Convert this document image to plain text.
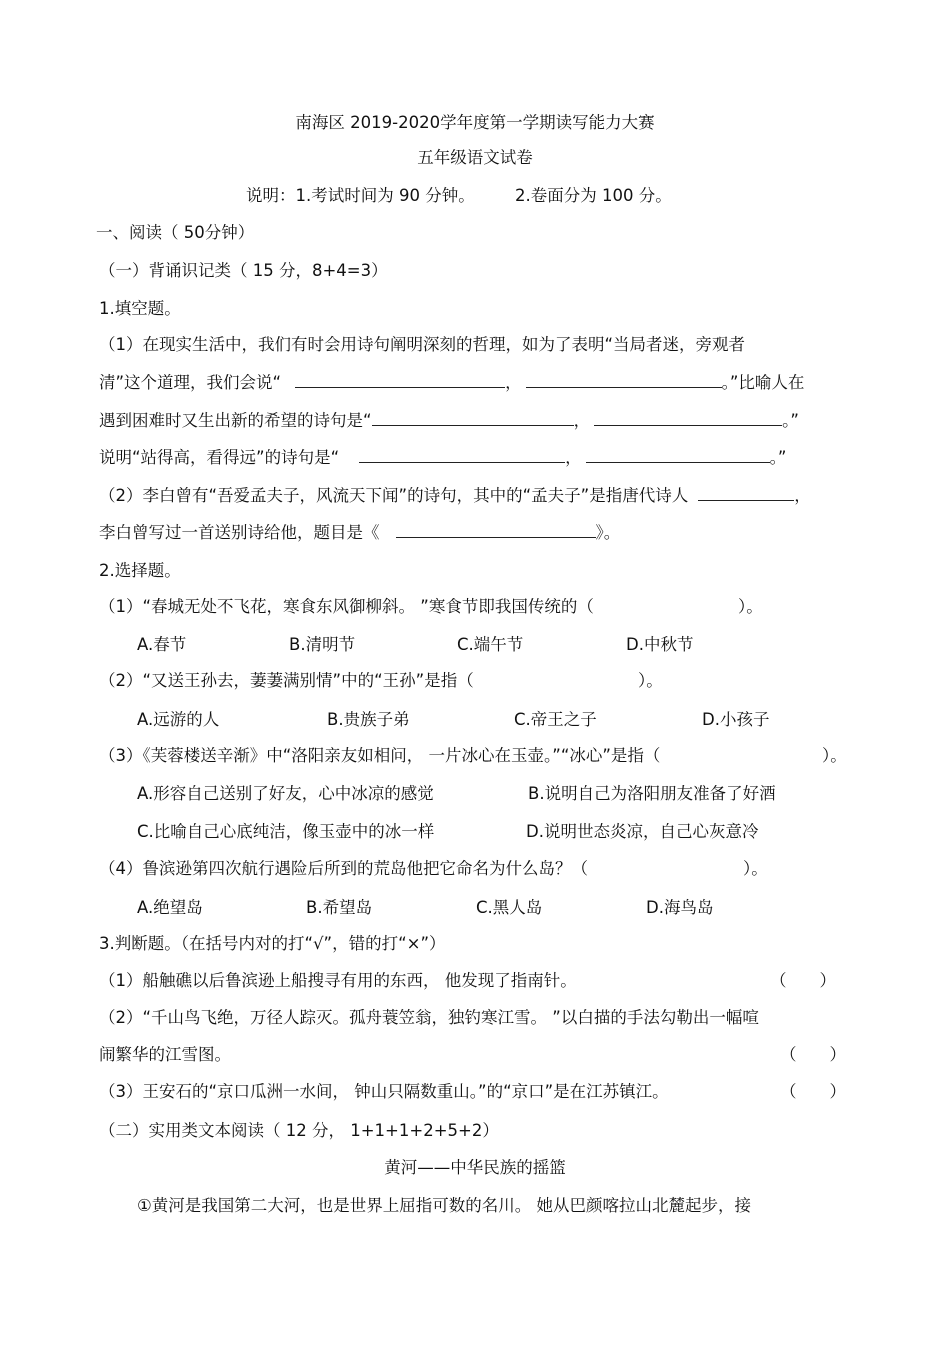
南海区 2019-2020学年度第一学期读写能力大赛
五年级语文试卷
说明：1.考试时间为 90 分钟。 2.卷面分为 100 分。
一、阅读（ 50分钟）
（一）背诵识记类（ 15 分，8+4=3）
1.填空题。
（1）在现实生活中，我们有时会用诗句阐明深刻的哲理，如为了表明“当局者迷，旁观者
清”这个道理，我们会说“	，	。”比喻人在
遇到困难时又生出新的希望的诗句是“	，	。”
说明“站得高，看得远”的诗句是“	，	。”
（2）李白曾有“吾爱孟夫子，风流天下闻”的诗句，其中的“孟夫子”是指唐代诗人	，
李白曾写过一首送别诗给他，题目是《	》。
2.选择题。
（1）“春城无处不飞花，寒食东风御柳斜。 ”寒食节即我国传统的（	）。
A.春节	B.清明节	C.端午节	D.中秋节
（2）“又送王孙去，萋萋满别情”中的“王孙”是指（	）。
A.远游的人	B.贵族子弟	C.帝王之子	D.小孩子
（3）《芙蓉楼送辛渐》中“洛阳亲友如相问， 一片冰心在玉壶。”“冰心”是指（	）。
A.形容自己送别了好友，心中冰凉的感觉	B.说明自己为洛阳朋友准备了好酒
C.比喻自己心底纯洁，像玉壶中的冰一样	D.说明世态炎凉，自己心灰意冷
（4）鲁滨逊第四次航行遇险后所到的荒岛他把它命名为什么岛？（	）。
A.绝望岛	B.希望岛	C.黑人岛	D.海鸟岛
3.判断题。（在括号内对的打“√”，错的打“×”）
（1）船触礁以后鲁滨逊上船搜寻有用的东西， 他发现了指南针。	（　　）
（2）“千山鸟飞绝，万径人踪灭。孤舟蓑笠翁，独钓寒江雪。 ”以白描的手法勾勒出一幅喧
闹繁华的江雪图。	（　　）
（3）王安石的“京口瓜洲一水间， 钟山只隔数重山。”的“京口”是在江苏镇江。	（　　）
（二）实用类文本阅读（ 12 分， 1+1+1+2+5+2）
黄河——中华民族的摇篮
①黄河是我国第二大河，也是世界上屈指可数的名川。 她从巴颜喀拉山北麓起步，接
